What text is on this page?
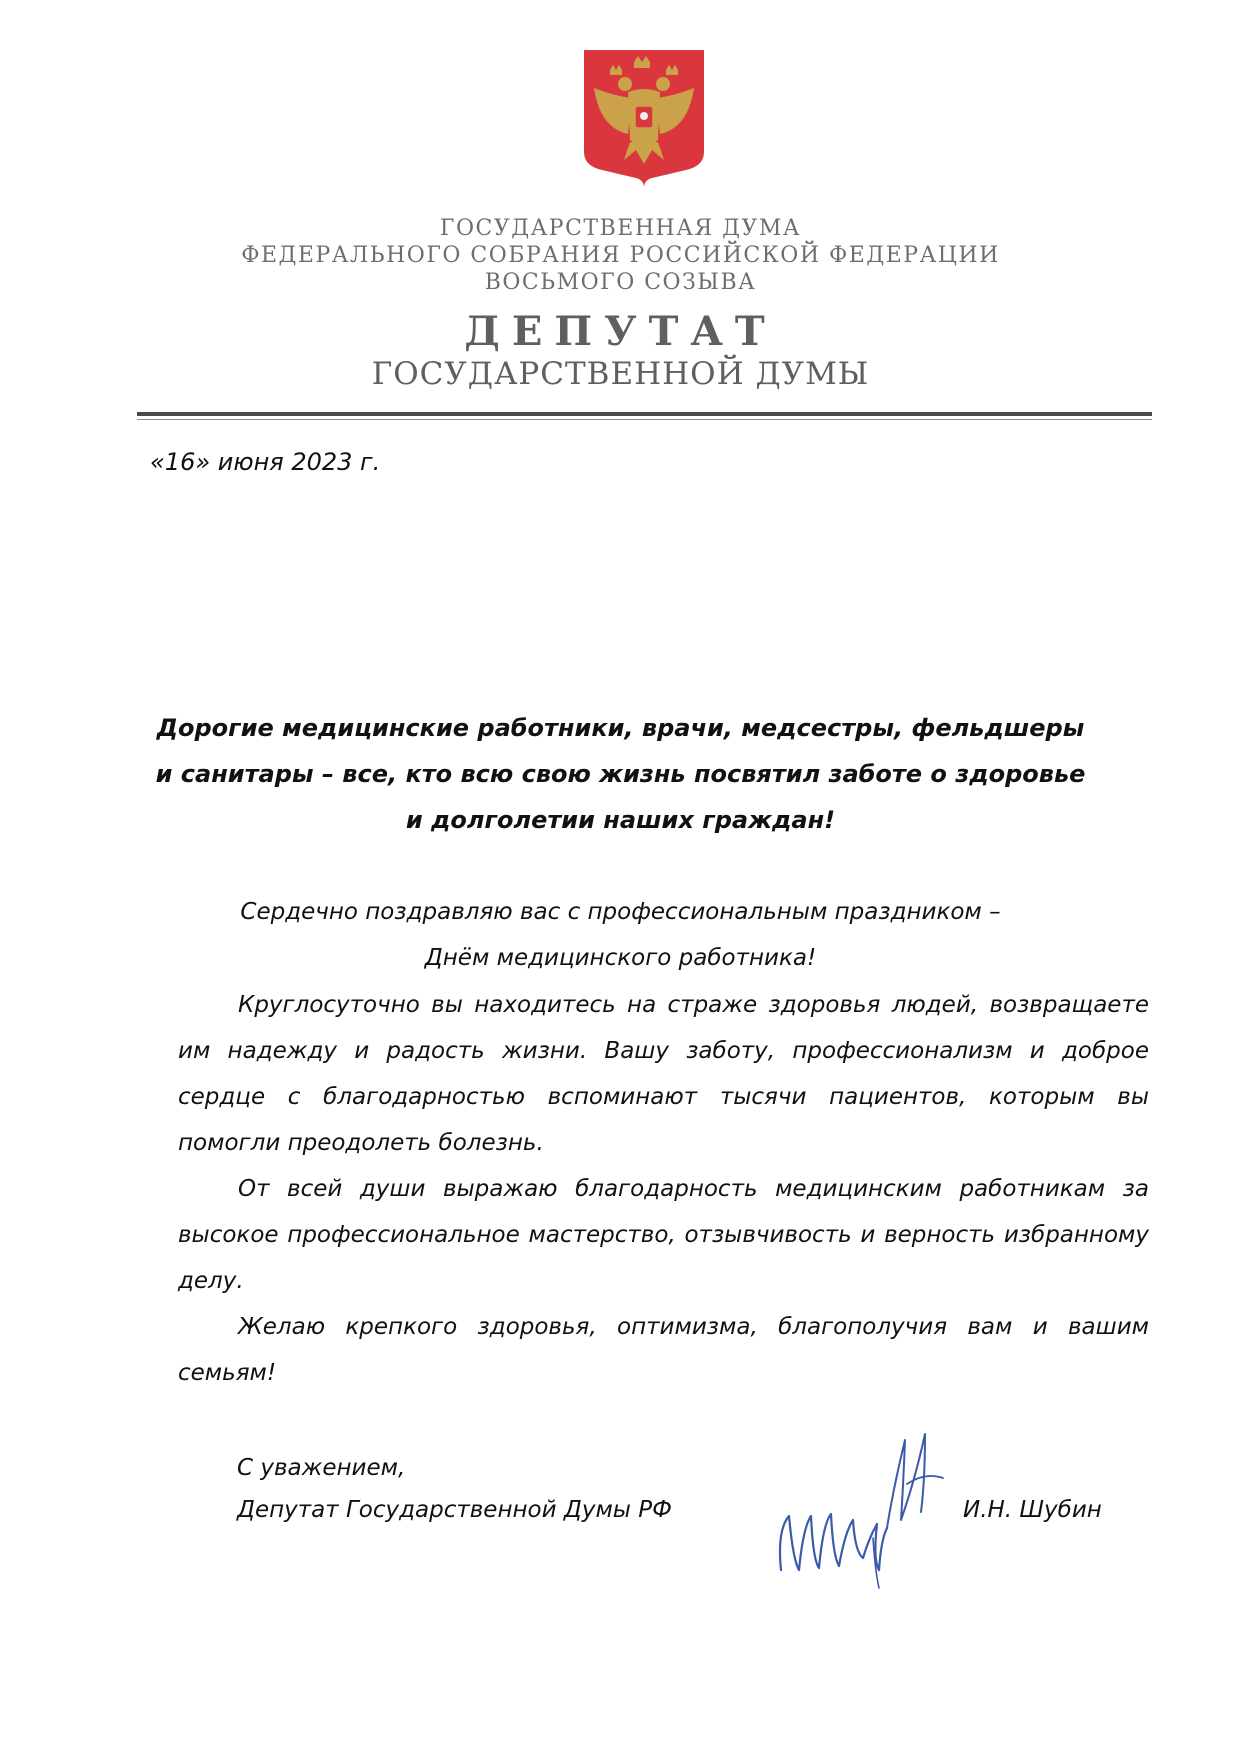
ГОСУДАРСТВЕННАЯ ДУМА
ФЕДЕРАЛЬНОГО СОБРАНИЯ РОССИЙСКОЙ ФЕДЕРАЦИИ
ВОСЬМОГО СОЗЫВА
ДЕПУТАТ
ГОСУДАРСТВЕННОЙ ДУМЫ
«16» июня 2023 г.
Дорогие медицинские работники, врачи, медсестры, фельдшеры
и санитары – все, кто всю свою жизнь посвятил заботе о здоровье
и долголетии наших граждан!
Сердечно поздравляю вас с профессиональным праздником –
Днём медицинского работника!

Круглосуточно вы находитесь на страже здоровья людей, возвращаете им надежду и радость жизни. Вашу заботу, профессионализм и доброе сердце с благодарностью вспоминают тысячи пациентов, которым вы помогли преодолеть болезнь.

От всей души выражаю благодарность медицинским работникам за высокое профессиональное мастерство, отзывчивость и верность избранному делу.

Желаю крепкого здоровья, оптимизма, благополучия вам и вашим семьям!

С уважением,
Депутат Государственной Думы РФ	И.Н. Шубин
